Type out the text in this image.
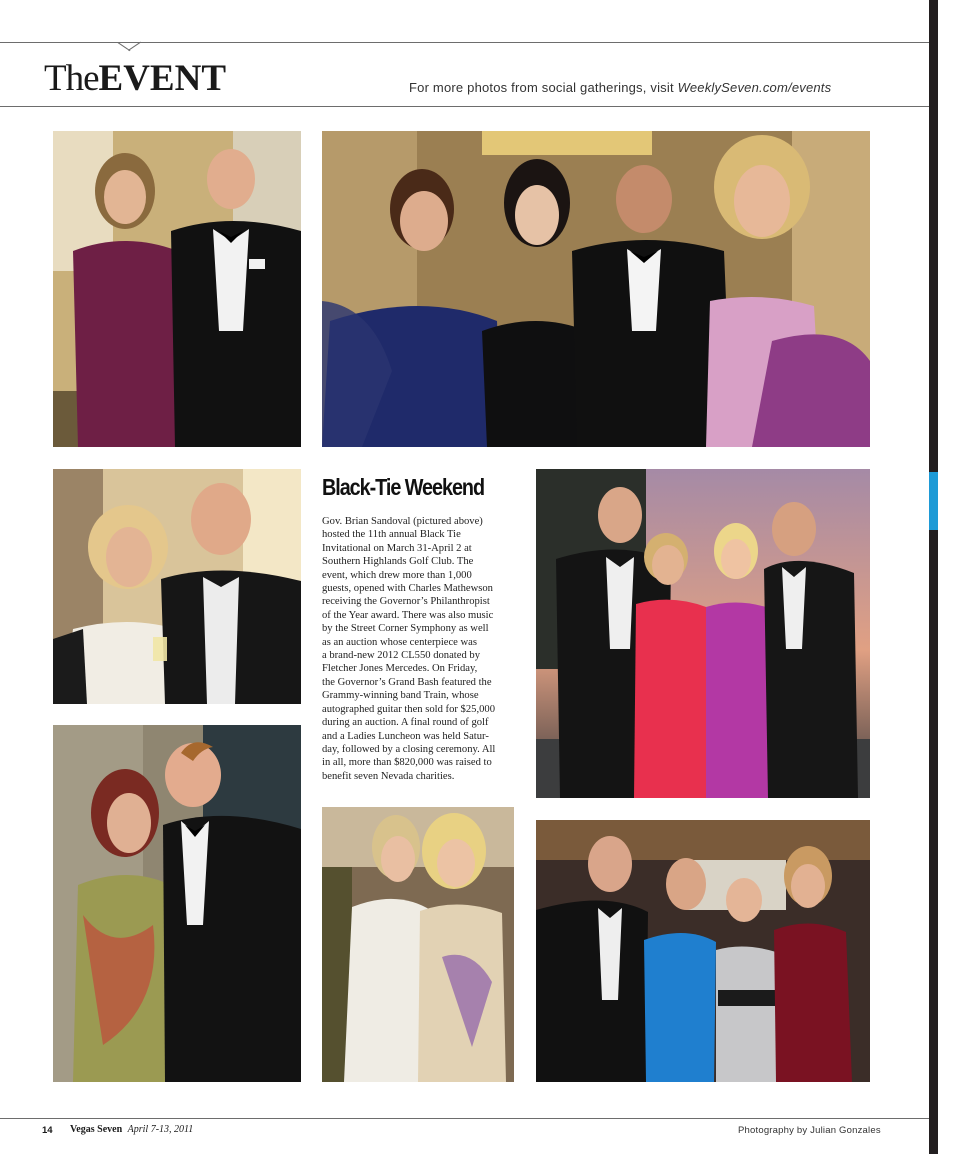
TheEVENT	For more photos from social gatherings, visit WeeklySeven.com/events
Black-Tie Weekend

Gov. Brian Sandoval (pictured above)

hosted the 11th annual Black Tie

Invitational on March 31-April 2 at

Southern Highlands Golf Club. The

event, which drew more than 1,000

guests, opened with Charles Mathewson

receiving the Governor’s Philanthropist

of the Year award. There was also music

by the Street Corner Symphony as well

as an auction whose centerpiece was

a brand-new 2012 CL550 donated by

Fletcher Jones Mercedes. On Friday,

the Governor’s Grand Bash featured the

Grammy-winning band Train, whose

autographed guitar then sold for $25,000

during an auction. A final round of golf

and a Ladies Luncheon was held Satur-

day, followed by a closing ceremony. All

in all, more than $820,000 was raised to

benefit seven Nevada charities.

14 Vegas Seven April 7-13, 2011	Photography by Julian Gonzales
